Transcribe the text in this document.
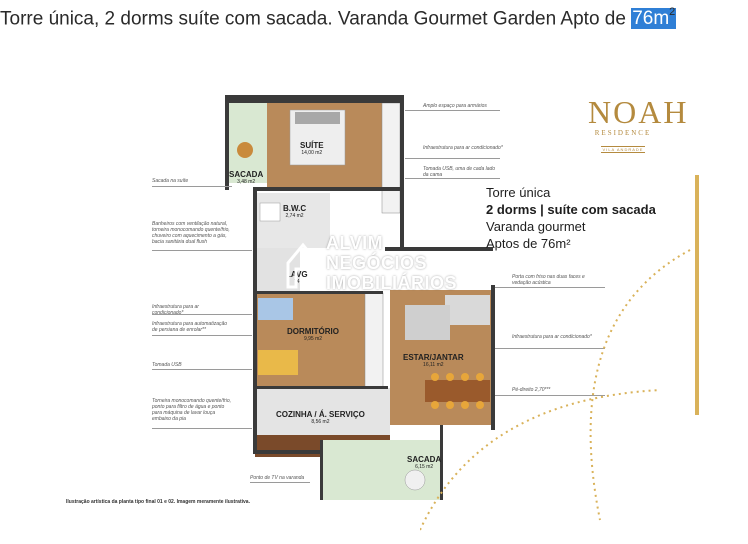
Torre única, 2 dorms suíte com sacada. Varanda Gourmet Garden Apto de $76m^2$
SUÍTE
14,00 m2
SACADA
3,48 m2
B.W.C
2,74 m2
LAVG
74
DORMITÓRIO
9,95 m2
ESTAR/JANTAR
16,11 m2
COZINHA / Á. SERVIÇO
8,56 m2
SACADA
6,15 m2
Sacada na suíte
Banheiros com ventilação natural, torneira monocomando quente/frio, chuveiro com aquecimento a gás, bacia sanitária dual flush
Infraestrutura para ar condicionado*
Infraestrutura para automatização de persiana de enrolar**
Tomada USB
Torneira monocomando quente/frio, ponto para filtro de água e ponto para máquina de lavar louça embaixo da pia
Amplo espaço para armários
Infraestrutura para ar condicionado*
Tomada USB, uma de cada lado da cama
Porta com friso nas duas faces e vedação acústica
Infraestrutura para ar condicionado*
Pé-direito 2,70***
Ponto de TV na varanda
NOAH
RESIDENCE
VILA ANDRADE
Torre única
2 dorms | suíte com sacada
Varanda gourmet
Aptos de 76m²
ALVIM
NEGÓCIOS
IMOBILIÁRIOS
Ilustração artística da planta tipo final 01 e 02. Imagem meramente ilustrativa.
